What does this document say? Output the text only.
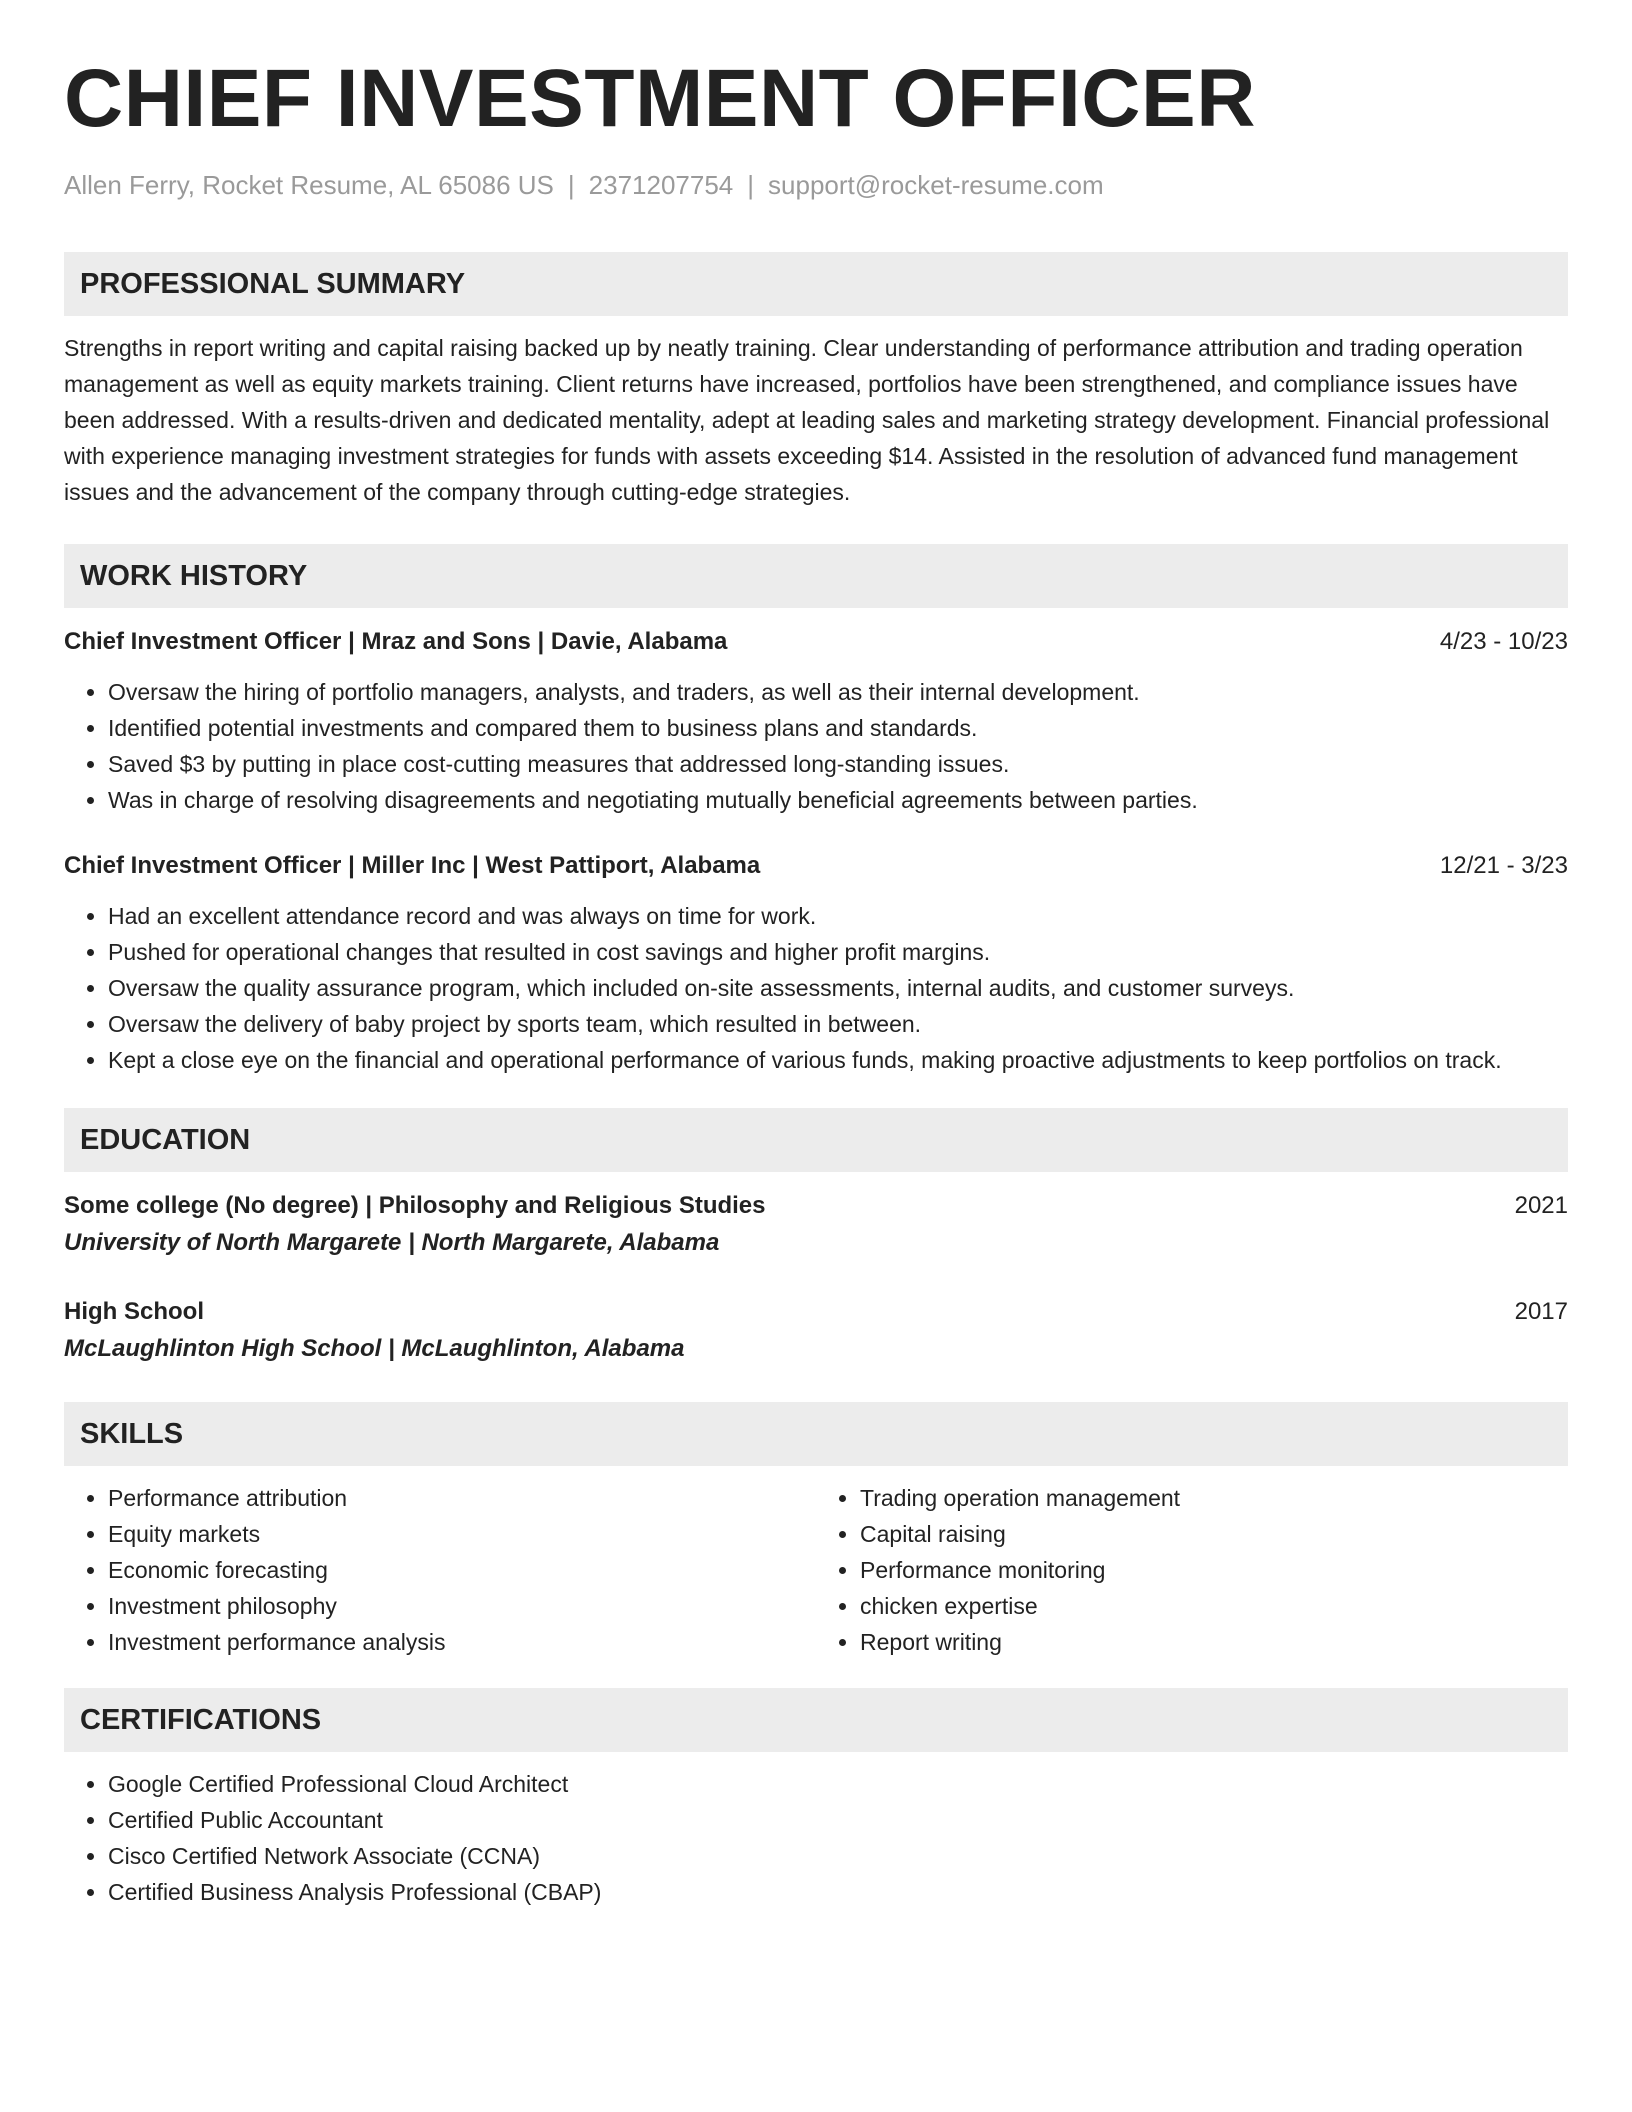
CHIEF INVESTMENT OFFICER
Allen Ferry, Rocket Resume, AL 65086 US | 2371207754 | support@rocket-resume.com
PROFESSIONAL SUMMARY

Strengths in report writing and capital raising backed up by neatly training. Clear understanding of performance attribution and trading operation management as well as equity markets training. Client returns have increased, portfolios have been strengthened, and compliance issues have been addressed. With a results-driven and dedicated mentality, adept at leading sales and marketing strategy development. Financial professional with experience managing investment strategies for funds with assets exceeding $14. Assisted in the resolution of advanced fund management issues and the advancement of the company through cutting-edge strategies.

WORK HISTORY
Chief Investment Officer | Mraz and Sons | Davie, Alabama	4/23 - 10/23
• Oversaw the hiring of portfolio managers, analysts, and traders, as well as their internal development.
• Identified potential investments and compared them to business plans and standards.
• Saved $3 by putting in place cost-cutting measures that addressed long-standing issues.
• Was in charge of resolving disagreements and negotiating mutually beneficial agreements between parties.
Chief Investment Officer | Miller Inc | West Pattiport, Alabama	12/21 - 3/23
• Had an excellent attendance record and was always on time for work.
• Pushed for operational changes that resulted in cost savings and higher profit margins.
• Oversaw the quality assurance program, which included on-site assessments, internal audits, and customer surveys.
• Oversaw the delivery of baby project by sports team, which resulted in between.
• Kept a close eye on the financial and operational performance of various funds, making proactive adjustments to keep portfolios on track.
EDUCATION
Some college (No degree) | Philosophy and Religious Studies	2021
University of North Margarete | North Margarete, Alabama
High School	2017
McLaughlinton High School | McLaughlinton, Alabama
SKILLS
• Performance attribution
• Equity markets
• Economic forecasting
• Investment philosophy
• Investment performance analysis
• Trading operation management
• Capital raising
• Performance monitoring
• chicken expertise
• Report writing
CERTIFICATIONS
• Google Certified Professional Cloud Architect
• Certified Public Accountant
• Cisco Certified Network Associate (CCNA)
• Certified Business Analysis Professional (CBAP)
